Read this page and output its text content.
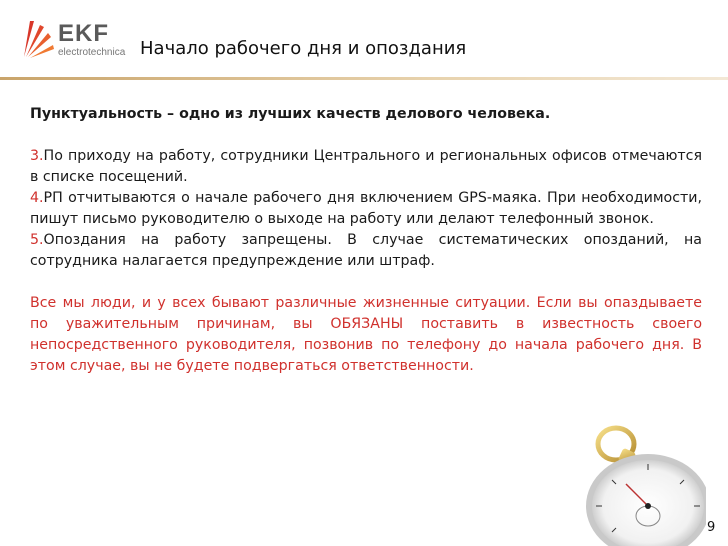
EKF
electrotechnica Начало рабочего дня и опоздания

Пунктуальность – одно из лучших качеств делового человека.

3.По приходу на работу, сотрудники Центрального и региональных офисов отмечаются в списке посещений.

4.РП отчитываются о начале рабочего дня включением GPS-маяка. При необходимости, пишут письмо руководителю о выходе на работу или делают телефонный звонок.

5.Опоздания на работу запрещены. В случае систематических опозданий, на сотрудника налагается предупреждение или штраф.

Все мы люди, и у всех бывают различные жизненные ситуации. Если вы опаздываете по уважительным причинам, вы ОБЯЗАНЫ поставить в известность своего непосредственного руководителя, позвонив по телефону до начала рабочего дня. В этом случае, вы не будете подвергаться ответственности.

9
